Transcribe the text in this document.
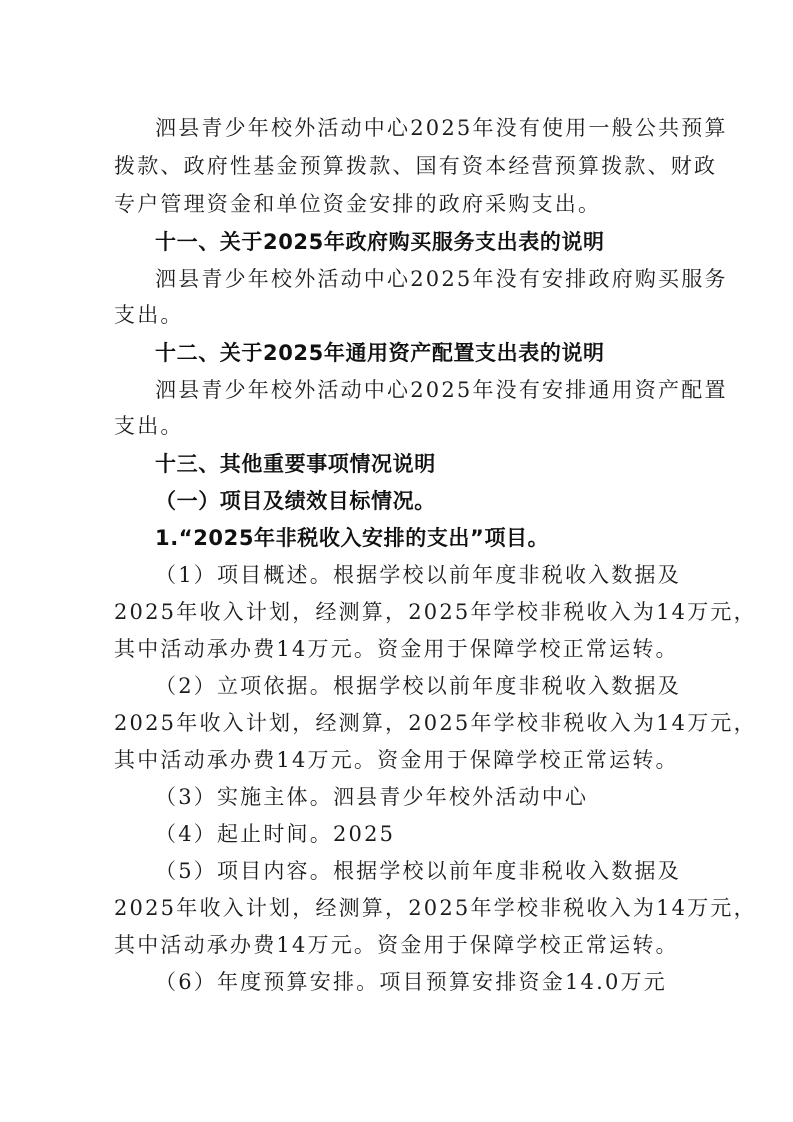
泗县青少年校外活动中心2025年没有使用一般公共预算
拨款、政府性基金预算拨款、国有资本经营预算拨款、财政
专户管理资金和单位资金安排的政府采购支出。
十一、关于2025年政府购买服务支出表的说明
泗县青少年校外活动中心2025年没有安排政府购买服务
支出。
十二、关于2025年通用资产配置支出表的说明
泗县青少年校外活动中心2025年没有安排通用资产配置
支出。
十三、其他重要事项情况说明
（一）项目及绩效目标情况。
1.“2025年非税收入安排的支出”项目。
（1）项目概述。根据学校以前年度非税收入数据及
2025年收入计划，经测算，2025年学校非税收入为14万元，
其中活动承办费14万元。资金用于保障学校正常运转。
（2）立项依据。根据学校以前年度非税收入数据及
2025年收入计划，经测算，2025年学校非税收入为14万元，
其中活动承办费14万元。资金用于保障学校正常运转。
（3）实施主体。泗县青少年校外活动中心
（4）起止时间。2025
（5）项目内容。根据学校以前年度非税收入数据及
2025年收入计划，经测算，2025年学校非税收入为14万元，
其中活动承办费14万元。资金用于保障学校正常运转。
（6）年度预算安排。项目预算安排资金14.0万元
